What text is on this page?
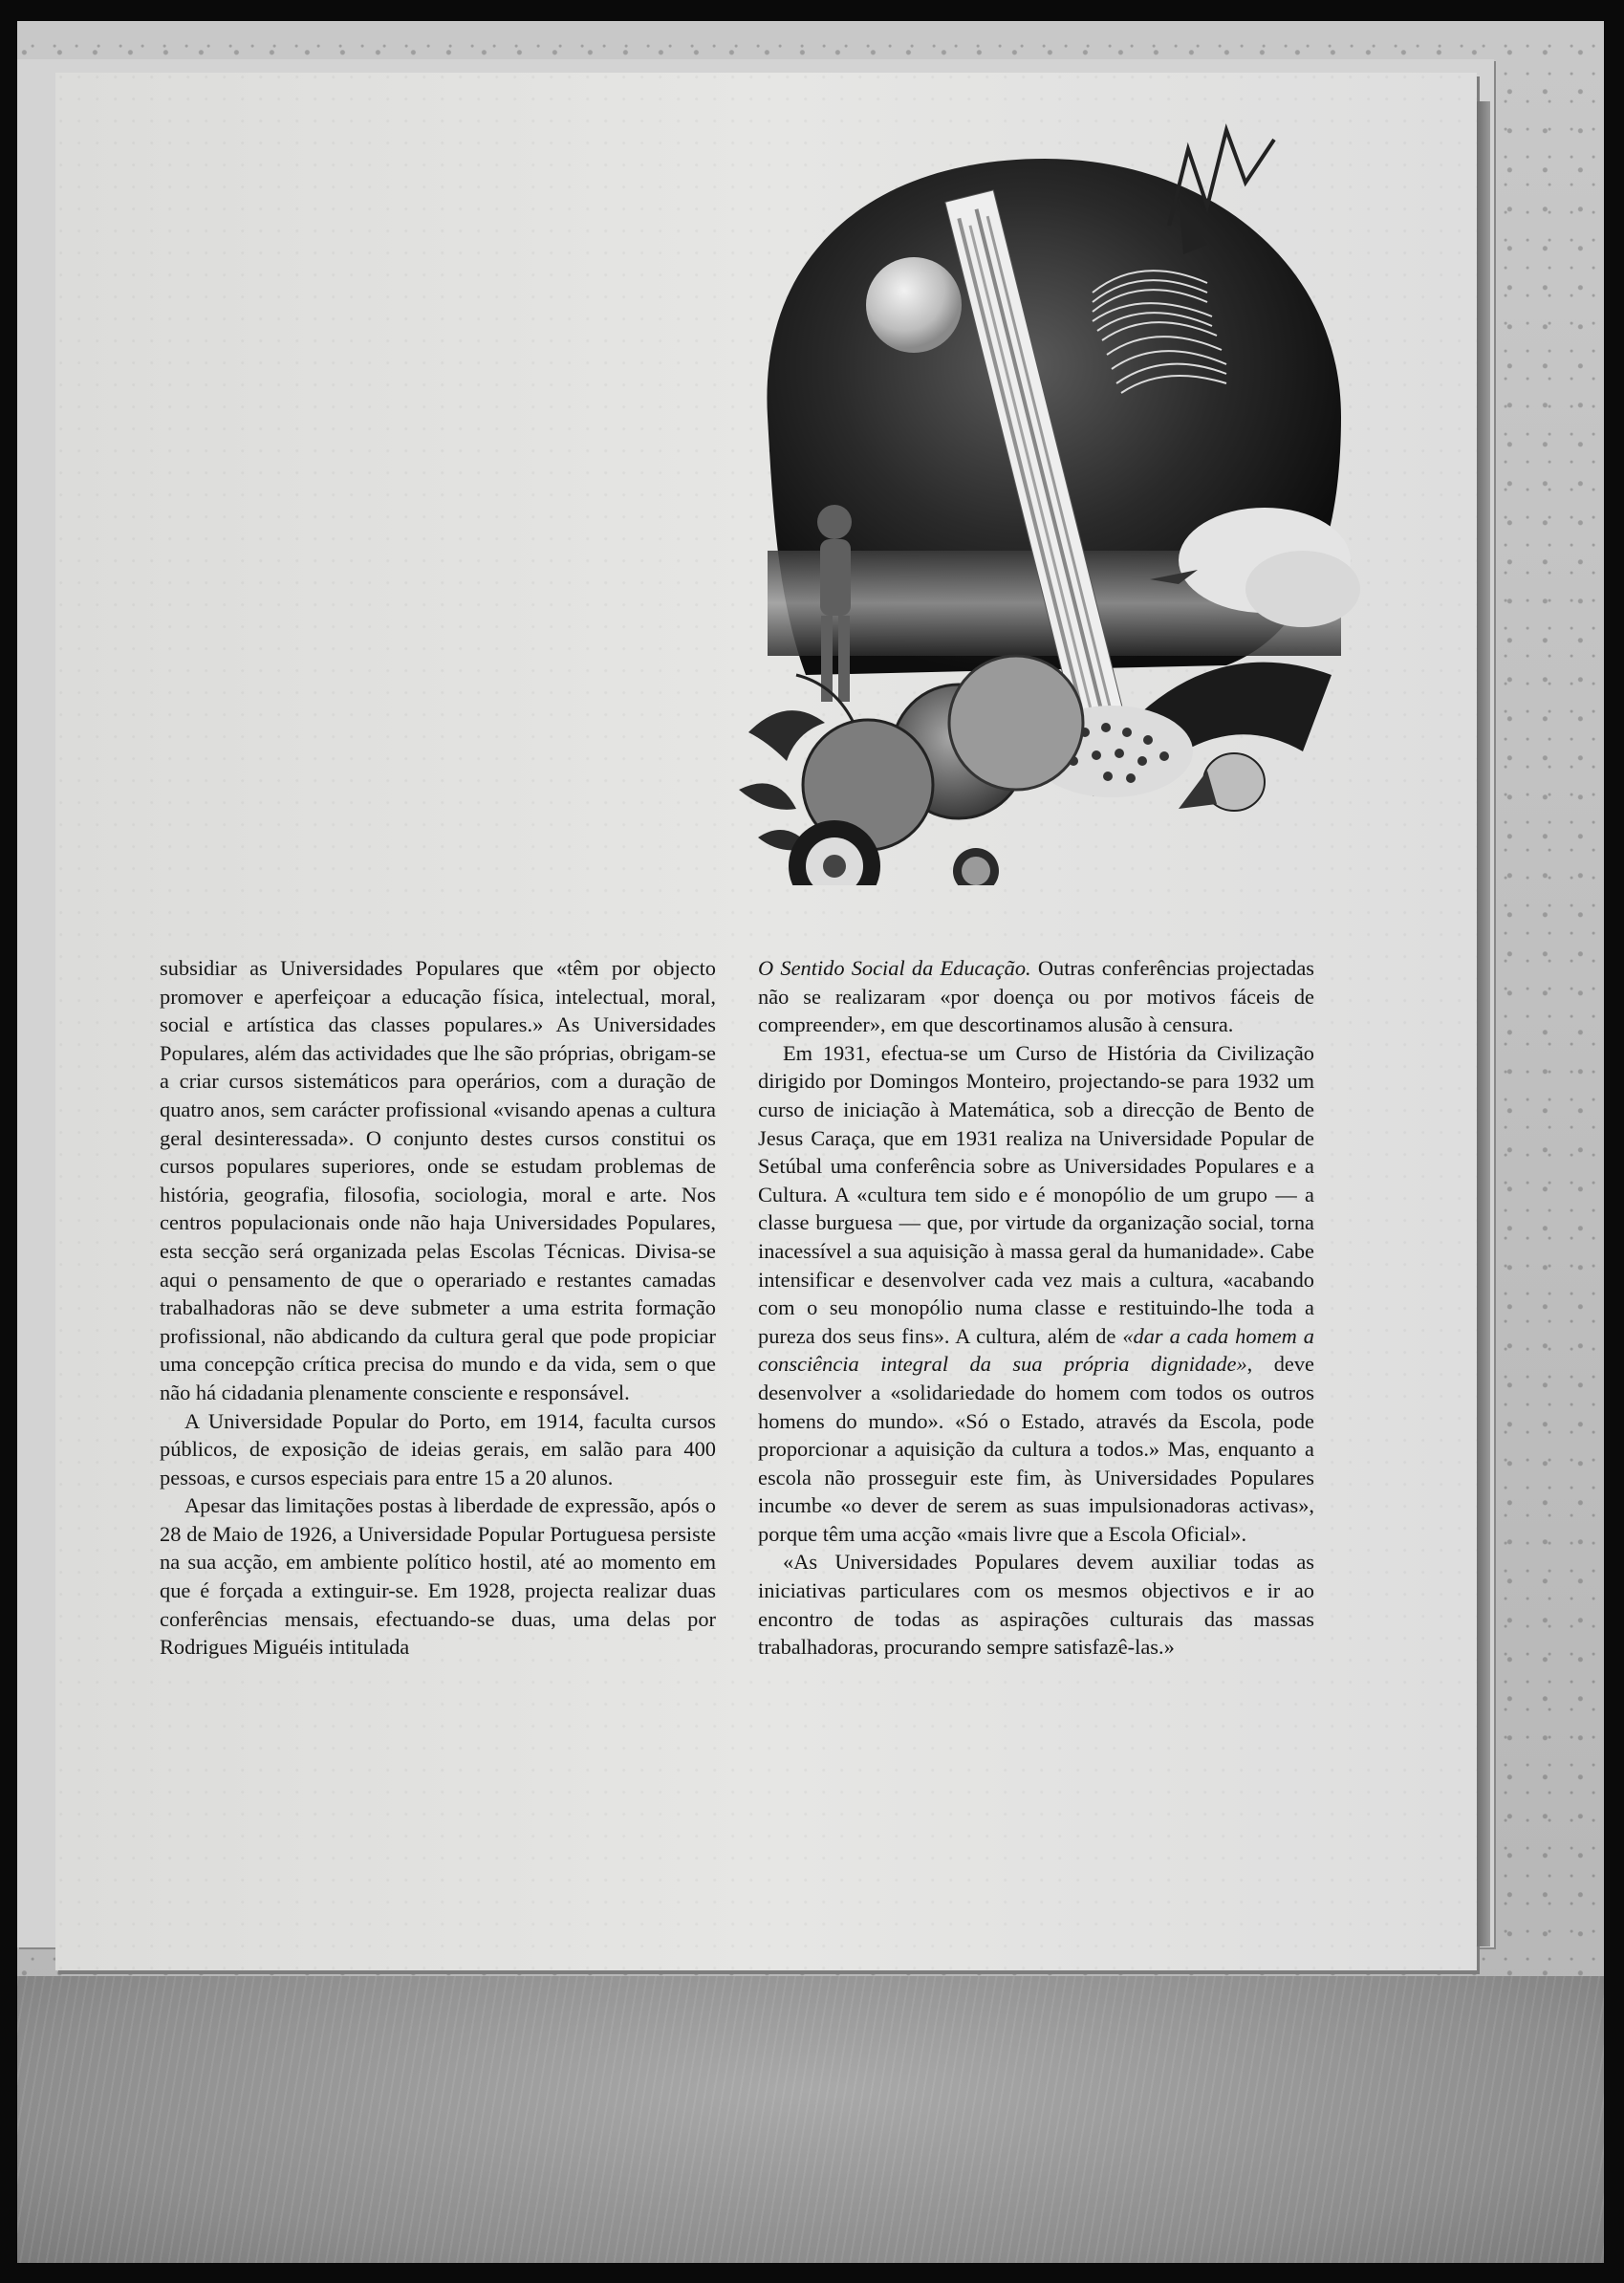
subsidiar as Universidades Populares que «têm por objecto promover e aperfeiçoar a educação física, intelectual, moral, social e artística das classes populares.» As Universidades Populares, além das actividades que lhe são próprias, obrigam-se a criar cursos sistemáticos para operários, com a duração de quatro anos, sem carácter profissional «visando apenas a cultura geral desinteressada». O conjunto destes cursos constitui os cursos populares superiores, onde se estudam problemas de história, geografia, filosofia, sociologia, moral e arte. Nos centros populacionais onde não haja Universidades Populares, esta secção será organizada pelas Escolas Técnicas. Divisa-se aqui o pensamento de que o operariado e restantes camadas trabalhadoras não se deve submeter a uma estrita formação profissional, não abdicando da cultura geral que pode propiciar uma concepção crítica precisa do mundo e da vida, sem o que não há cidadania plenamente consciente e responsável.

A Universidade Popular do Porto, em 1914, faculta cursos públicos, de exposição de ideias gerais, em salão para 400 pessoas, e cursos especiais para entre 15 a 20 alunos.

Apesar das limitações postas à liberdade de expressão, após o 28 de Maio de 1926, a Universidade Popular Portuguesa persiste na sua acção, em ambiente político hostil, até ao momento em que é forçada a extinguir-se. Em 1928, projecta realizar duas conferências mensais, efectuando-se duas, uma delas por Rodrigues Miguéis intitulada

O Sentido Social da Educação. Outras conferências projectadas não se realizaram «por doença ou por motivos fáceis de compreender», em que descortinamos alusão à censura.

Em 1931, efectua-se um Curso de História da Civilização dirigido por Domingos Monteiro, projectando-se para 1932 um curso de iniciação à Matemática, sob a direcção de Bento de Jesus Caraça, que em 1931 realiza na Universidade Popular de Setúbal uma conferência sobre as Universidades Populares e a Cultura. A «cultura tem sido e é monopólio de um grupo — a classe burguesa — que, por virtude da organização social, torna inacessível a sua aquisição à massa geral da humanidade». Cabe intensificar e desenvolver cada vez mais a cultura, «acabando com o seu monopólio numa classe e restituindo-lhe toda a pureza dos seus fins». A cultura, além de «dar a cada homem a consciência integral da sua própria dignidade», deve desenvolver a «solidariedade do homem com todos os outros homens do mundo». «Só o Estado, através da Escola, pode proporcionar a aquisição da cultura a todos.» Mas, enquanto a escola não prosseguir este fim, às Universidades Populares incumbe «o dever de serem as suas impulsionadoras activas», porque têm uma acção «mais livre que a Escola Oficial».

«As Universidades Populares devem auxiliar todas as iniciativas particulares com os mesmos objectivos e ir ao encontro de todas as aspirações culturais das massas trabalhadoras, procurando sempre satisfazê-las.»
